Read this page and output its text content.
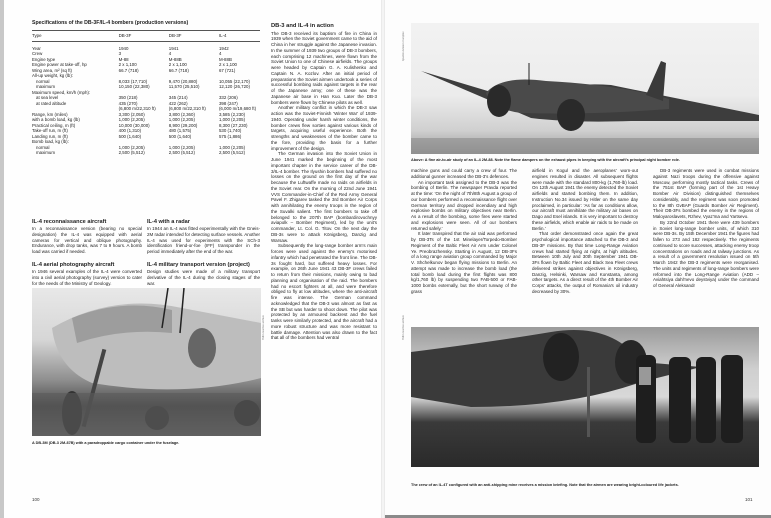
Specifications of the DB-3F/IL-4 bombers (production versions)
Type	DB-3F	DB-3F	IL-4
Year	1940	1941	1942
Crew	3	4	4
Engine type	M-88	M-88B	M-88B
Engine power at take-off, hp	2 x 1,100	2 x 1,100	2 x 1,100
Wing area, m² (sq ft)	66.7 (718)	66.7 (718)	67 (721)
All-up weight, kg (lb):			
normal	8,033 (17,710)	9,470 (20,880)	10,055 (22,170)
maximum	10,150 (22,380)	11,570 (25,510)	12,120 (26,720)
Maximum speed, km/h (mph):			
at sea level	350 (218)	345 (214)	332 (206)
at rated altitude	435 (270)	422 (262)	398 (247)
	(6,800 m/22,310 ft)	(6,800 m/22,310 ft)	(6,000 m/19,680 ft)
Range, km (miles)	3,300 (2,050)	3,800 (2,360)	3,585 (2,230)
with a bomb load, kg (lb)	1,000 (2,205)	1,000 (2,205)	1,000 (2,205)
Practical ceiling, m (ft)	10,000 (30,000)	8,900 (29,200)	8,300 (27,230)
Take-off run, m (ft)	400 (1,310)	480 (1,575)	530 (1,740)
Landing run, m (ft)	500 (1,640)	500 (1,640)	575 (1,886)
Bomb load, kg (lb):			
normal	1,000 (2,205)	1,000 (2,205)	1,000 (2,205)
maximum	2,500 (5,512)	2,500 (5,512)	2,500 (5,512)
IL-4 reconnaissance aircraft

In a reconnaissance version (bearing no special designation) the IL-4 was equipped with aerial cameras for vertical and oblique photography. Endurance, with drop tanks, was 7 to 9 hours. A bomb load was carried if needed.

IL-4 with a radar

In 1944 an IL-4 was fitted experimentally with the Gneis-2M radar intended for detecting surface vessels. Another IL-4 was used for experiments with the SCh-3 identification friend-or-foe (IFF) transponder in the period immediately after the end of the war.

IL-4 aerial photography aircraft

In 1946 several examples of the IL-4 were converted into a civil aerial photography (survey) version to cater for the needs of the Ministry of Geology.

IL-4 military transport version (project)

Design studies were made of a military transport derivative of the IL-4 during the closing stages of the war.

Yefim Gordon archive
A DB-3M (DB-3 2M-87B) with a paradroppable cargo container under the fuselage.
100
DB-3 and IL-4 in action

The DB-3 received its baptism of fire in China in 1939 when the Soviet government came to the aid of China in her struggle against the Japanese invasion. In the summer of 1939 two groups of DB-3 bombers, each comprising 12 machines, were flown from the Soviet Union to one of Chinese airfields. The groups were headed by Captain G. A. Kulishenko and Captain N. A. Kozlov. After an initial period of preparations the Soviet airmen undertook a series of successful bombing raids against targets in the rear of the Japanese army; one of these was the Japanese air base in Han Kuo. Later the DB-3 bombers were flown by Chinese pilots as well.

Another military conflict in which the DB-3 saw action was the Soviet-Finnish 'Winter War' of 1939-1940. Operating under harsh winter conditions, the bomber crews flew sorties against various kinds of targets, acquiring useful experience. Both the strengths and weaknesses of the bomber came to the fore, providing the basis for a further improvement of the design.

The German invasion into the Soviet Union in June 1941 marked the beginning of the most important chapter in the service career of the DB-3/IL-4 bomber. The Ilyushin bombers had suffered no losses on the ground on the first day of the war because the Luftwaffe made no raids on airfields in the Soviet rear. On the morning of 22nd June 1941 VVS Commander-in-Chief of the Red Army General Pavel F. Zhigarev tasked the 3rd Bomber Air Corps with annihilating the enemy troops in the region of the Suvalki salient. The first bombers to take off belonged to the 207th BAP (bombardirovochnyy aviapolk – Bomber Regiment), led by the unit's commander, Lt. Col. G. Titov. On the next day the DB-3s were to attack Königsberg, Danzig and Warsaw.

Subsequently the long-range bomber arm's main forces were used against the enemy's motorised infantry which had penetrated the front line. The DB-3s fought hard, but suffered heavy losses. For example, on 26th June 1941 43 DB-3F crews failed to return from their missions, mainly owing to bad planning and organisation of the raid. The bombers had no escort fighters at all, and were therefore obliged to fly at low altitudes, where the anti-aircraft fire was intense. The German command acknowledged that the DB-3 was almost as fast as the SB but was harder to shoot down. The pilot was protected by an armoured backrest and the fuel tanks were similarly protected, and the aircraft had a more robust structure and was more resistant to battle damage. Attention was also drawn to the fact that all of the bombers had ventral

Ilyushin Aviation Complex
Above: A fine air-to-air study of an IL-4 2M-88. Note the flame dampers on the exhaust pipes in keeping with the aircraft's principal night bomber role.

machine guns and could carry a crew of four. The additional gunner increased the DB-3's defences.

An important task assigned to the DB-3 was the bombing of Berlin. The newspaper Pravda reported at the time: 'On the night of 7th/8th August a group of our bombers performed a reconnaissance flight over German territory and dropped incendiary and high explosive bombs on military objectives near Berlin. As a result of the bombing, some fires were started and explosions were seen. All of our bombers returned safely.'

It later transpired that the air raid was performed by DB-3Ts of the 1st Minelayer/Torpedo-Bomber Regiment of the Baltic Fleet Air Arm under Colonel Ye. Preobrazhensky. Starting in August, 12 DB-3Fs of a long range aviation group commanded by Major V. Shchelkunov began flying missions to Berlin. An attempt was made to increase the bomb load (the total bomb load during the first flights was 800 kg/1,760 lb) by suspending two FAB-500 or FAB-1000 bombs externally, but the short runway of the grass

airfield in Kogul and the aeroplanes' worn-out engines resulted in disaster. All subsequent flights were made with the standard 800-kg (1,760-lb) load. On 12th August 1941 the enemy detected the Soviet airfields and started bombing them. In addition, Instruction No.34 issued by Hitler on the same day proclaimed, in particular: 'As far as conditions allow, our aircraft must annihilate the military air bases on Dago and Esel islands. It is very important to destroy these airfields, which enable air raids to be made on Berlin.'

That order demonstrated once again the great psychological importance attached to the DB-3 and DB-3F missions. By that time Long-Range Aviation crews had started flying at night, at high altitudes. Between 10th July and 30th September 1941 DB-3Fs flown by Baltic Fleet and Black Sea Fleet crews delivered strikes against objectives in Königsberg, Danzig, Helsinki, Warsaw and Konstanta, among other targets. As a direct result of the 4th Bomber Air Corps' attacks, the output of Romania's oil industry decreased by 30%.

DB-3 regiments were used in combat missions against Nazi troops during the offensive against Moscow, performing mostly tactical tasks. Crews of the 751st BAP (forming part of the 1st Heavy Bomber Air Division) distinguished themselves considerably, and the regiment was soon promoted to the 8th GvBAP (Guards Bomber Air Regiment). Their DB-3Fs bombed the enemy in the regions of Maloyaroslavets, Rzhev, Vyaz'ma and Yartsevo.

By 22nd October 1941 there were 439 bombers in Soviet long-range bomber units, of which 310 were DB-3s. By 15th December 1941 the figures had fallen to 273 and 182 respectively. The regiments continued to score successes, attacking enemy troop concentrations on roads and at railway junctions. As a result of a government resolution issued on 5th March 1942 the DB-3 regiments were reorganised. The units and regiments of long-range bombers were reformed into the Long-Range Aviation (ADD – Aviahtsiya dahl'nevo deystviya) under the command of General Aleksandr

Yefim Gordon archive
The crew of an IL-4T configured with an anti-shipping mine receives a mission briefing. Note that the airmen are wearing bright-coloured life jackets.
101
